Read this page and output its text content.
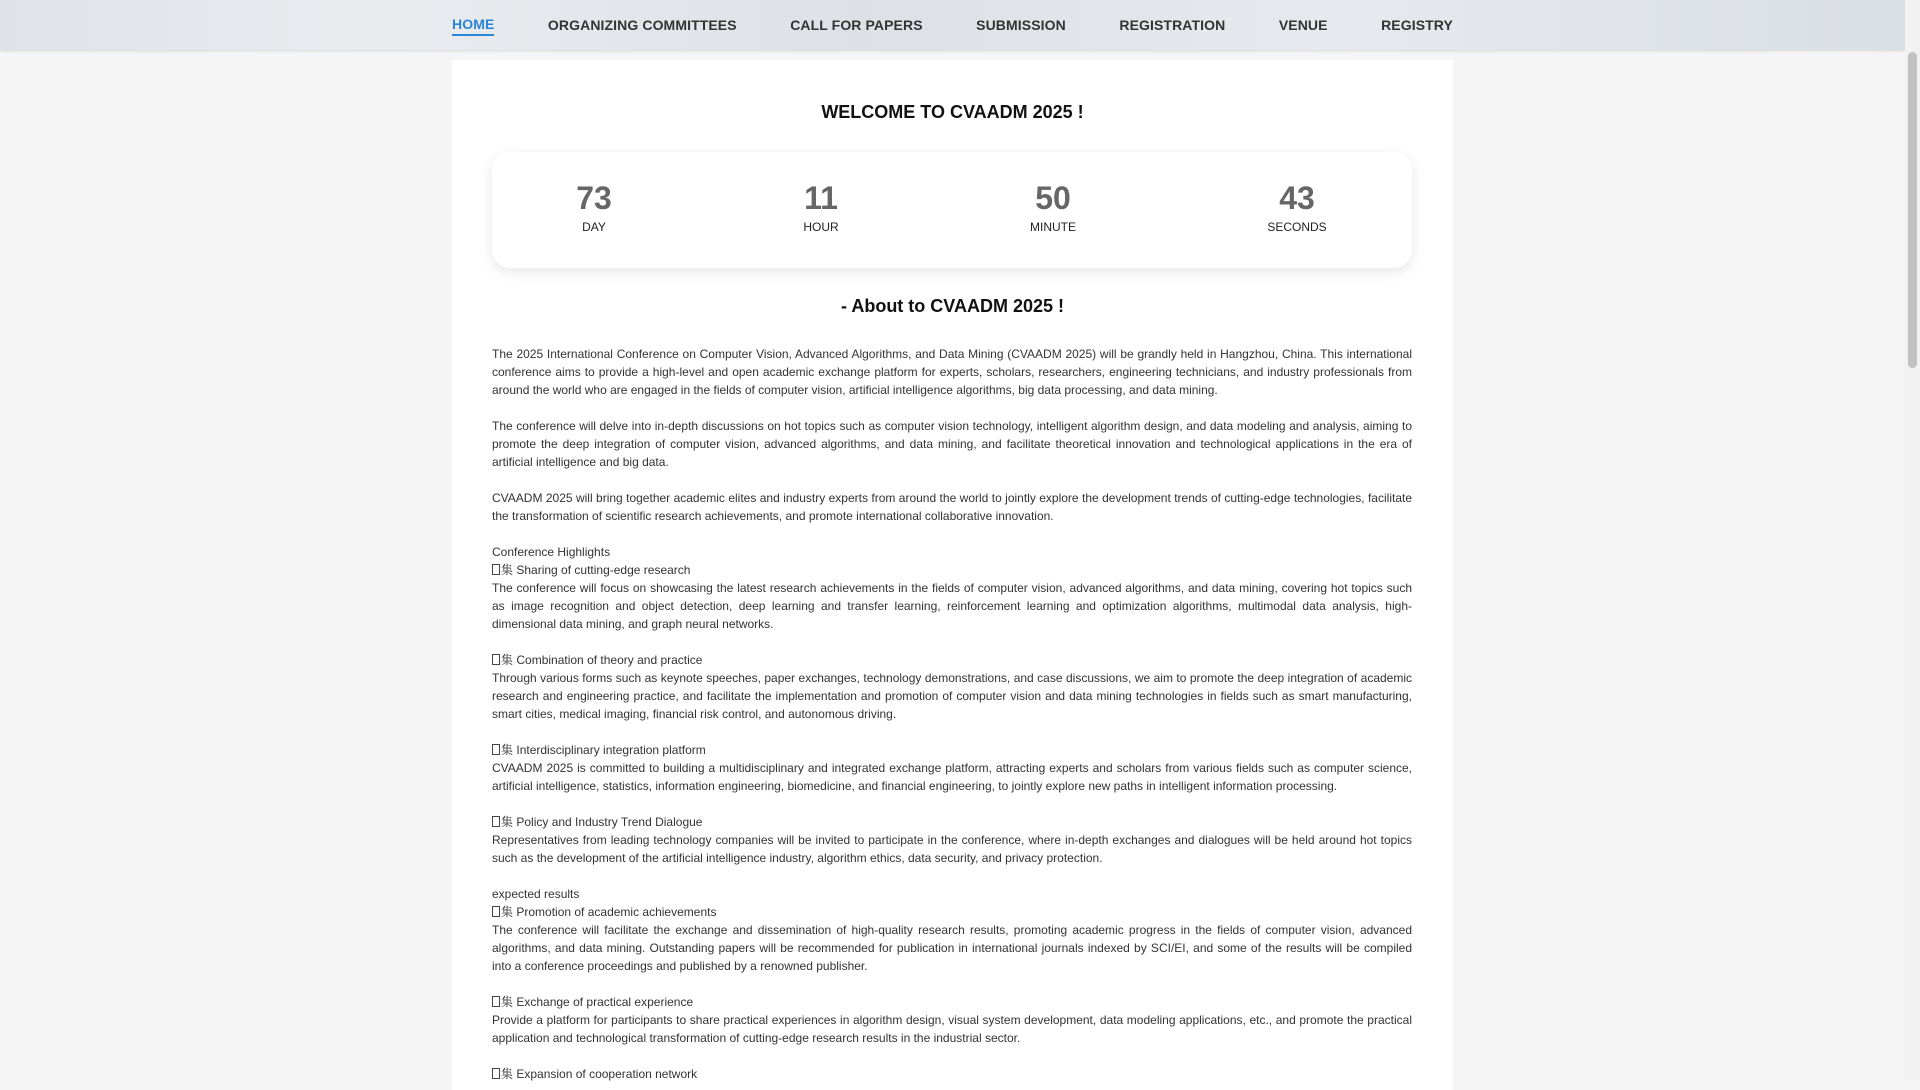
HOME	ORGANIZING COMMITTEES	CALL FOR PAPERS	SUBMISSION	REGISTRATION	VENUE	REGISTRY
WELCOME TO CVAADM 2025 !
73
DAY
11
HOUR
50
MINUTE
43
SECONDS
- About to CVAADM 2025 !

The 2025 International Conference on Computer Vision, Advanced Algorithms, and Data Mining (CVAADM 2025) will be grandly held in Hangzhou, China. This international conference aims to provide a high-level and open academic exchange platform for experts, scholars, researchers, engineering technicians, and industry professionals from around the world who are engaged in the fields of computer vision, artificial intelligence algorithms, big data processing, and data mining.

The conference will delve into in-depth discussions on hot topics such as computer vision technology, intelligent algorithm design, and data modeling and analysis, aiming to promote the deep integration of computer vision, advanced algorithms, and data mining, and facilitate theoretical innovation and technological applications in the era of artificial intelligence and big data.

CVAADM 2025 will bring together academic elites and industry experts from around the world to jointly explore the development trends of cutting-edge technologies, facilitate the transformation of scientific research achievements, and promote international collaborative innovation.

Conference Highlights

集 Sharing of cutting-edge research

The conference will focus on showcasing the latest research achievements in the fields of computer vision, advanced algorithms, and data mining, covering hot topics such as image recognition and object detection, deep learning and transfer learning, reinforcement learning and optimization algorithms, multimodal data analysis, high-dimensional data mining, and graph neural networks.

集 Combination of theory and practice

Through various forms such as keynote speeches, paper exchanges, technology demonstrations, and case discussions, we aim to promote the deep integration of academic research and engineering practice, and facilitate the implementation and promotion of computer vision and data mining technologies in fields such as smart manufacturing, smart cities, medical imaging, financial risk control, and autonomous driving.

集 Interdisciplinary integration platform

CVAADM 2025 is committed to building a multidisciplinary and integrated exchange platform, attracting experts and scholars from various fields such as computer science, artificial intelligence, statistics, information engineering, biomedicine, and financial engineering, to jointly explore new paths in intelligent information processing.

集 Policy and Industry Trend Dialogue

Representatives from leading technology companies will be invited to participate in the conference, where in-depth exchanges and dialogues will be held around hot topics such as the development of the artificial intelligence industry, algorithm ethics, data security, and privacy protection.

expected results

集 Promotion of academic achievements

The conference will facilitate the exchange and dissemination of high-quality research results, promoting academic progress in the fields of computer vision, advanced algorithms, and data mining. Outstanding papers will be recommended for publication in international journals indexed by SCI/EI, and some of the results will be compiled into a conference proceedings and published by a renowned publisher.

集 Exchange of practical experience

Provide a platform for participants to share practical experiences in algorithm design, visual system development, data modeling applications, etc., and promote the practical application and technological transformation of cutting-edge research results in the industrial sector.

集 Expansion of cooperation network
